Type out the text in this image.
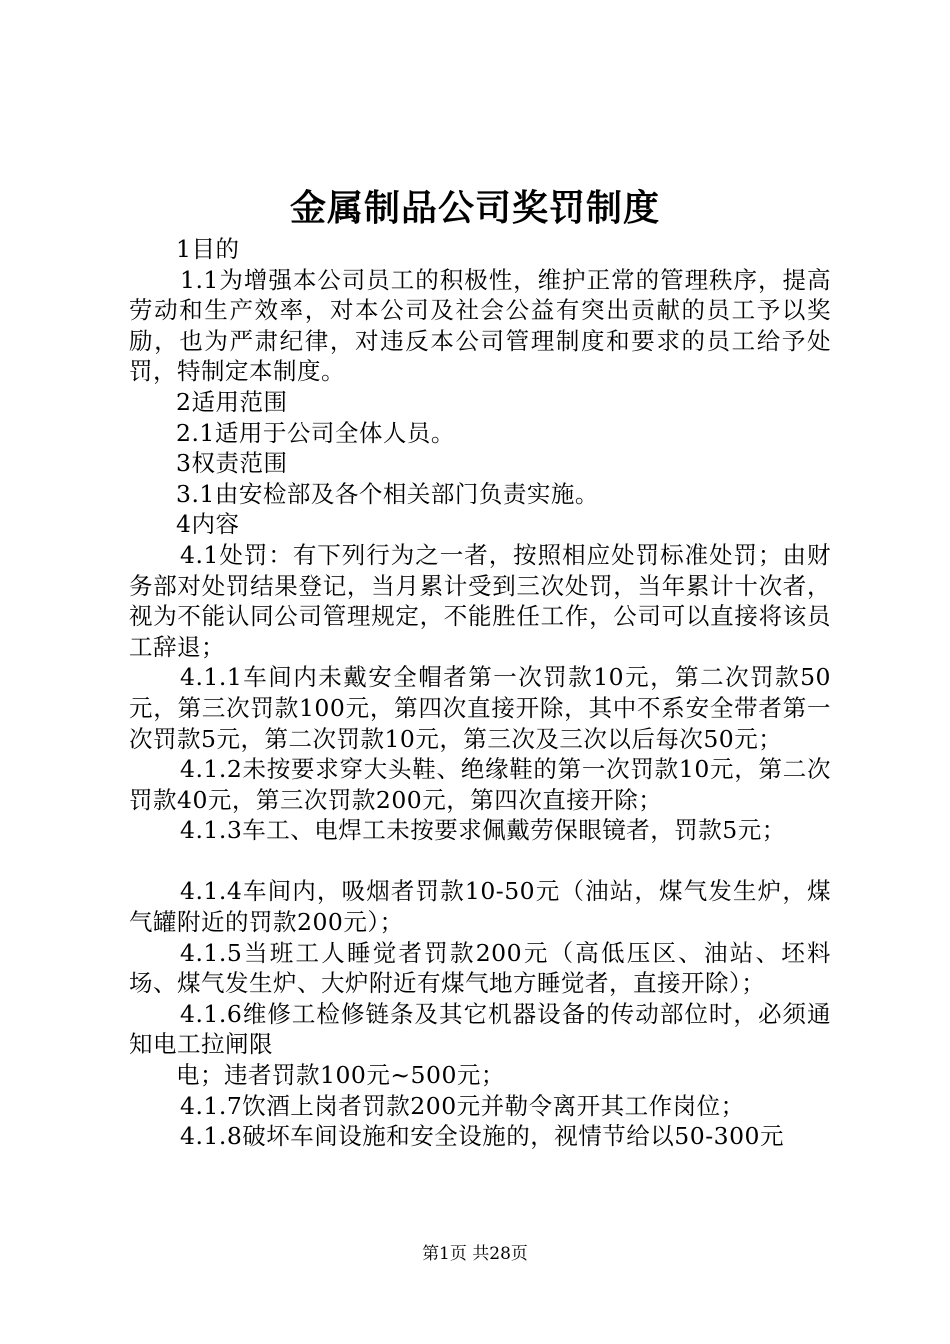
金属制品公司奖罚制度

1目的

1.1为增强本公司员工的积极性，维护正常的管理秩序，提高劳动和生产效率，对本公司及社会公益有突出贡献的员工予以奖励，也为严肃纪律，对违反本公司管理制度和要求的员工给予处罚，特制定本制度。

2适用范围

2.1适用于公司全体人员。

3权责范围

3.1由安检部及各个相关部门负责实施。

4内容

4.1处罚：有下列行为之一者，按照相应处罚标准处罚；由财务部对处罚结果登记，当月累计受到三次处罚，当年累计十次者，视为不能认同公司管理规定，不能胜任工作，公司可以直接将该员工辞退；

4.1.1车间内未戴安全帽者第一次罚款10元，第二次罚款50元，第三次罚款100元，第四次直接开除，其中不系安全带者第一次罚款5元，第二次罚款10元，第三次及三次以后每次50元；

4.1.2未按要求穿大头鞋、绝缘鞋的第一次罚款10元，第二次罚款40元，第三次罚款200元，第四次直接开除；

4.1.3车工、电焊工未按要求佩戴劳保眼镜者，罚款5元；

4.1.4车间内，吸烟者罚款10-50元（油站，煤气发生炉，煤气罐附近的罚款200元）；

4.1.5当班工人睡觉者罚款200元（高低压区、油站、坯料场、煤气发生炉、大炉附近有煤气地方睡觉者，直接开除）；

4.1.6维修工检修链条及其它机器设备的传动部位时，必须通知电工拉闸限

电；违者罚款100元~500元；

4.1.7饮酒上岗者罚款200元并勒令离开其工作岗位；

4.1.8破坏车间设施和安全设施的，视情节给以50-300元

第1页 共28页
